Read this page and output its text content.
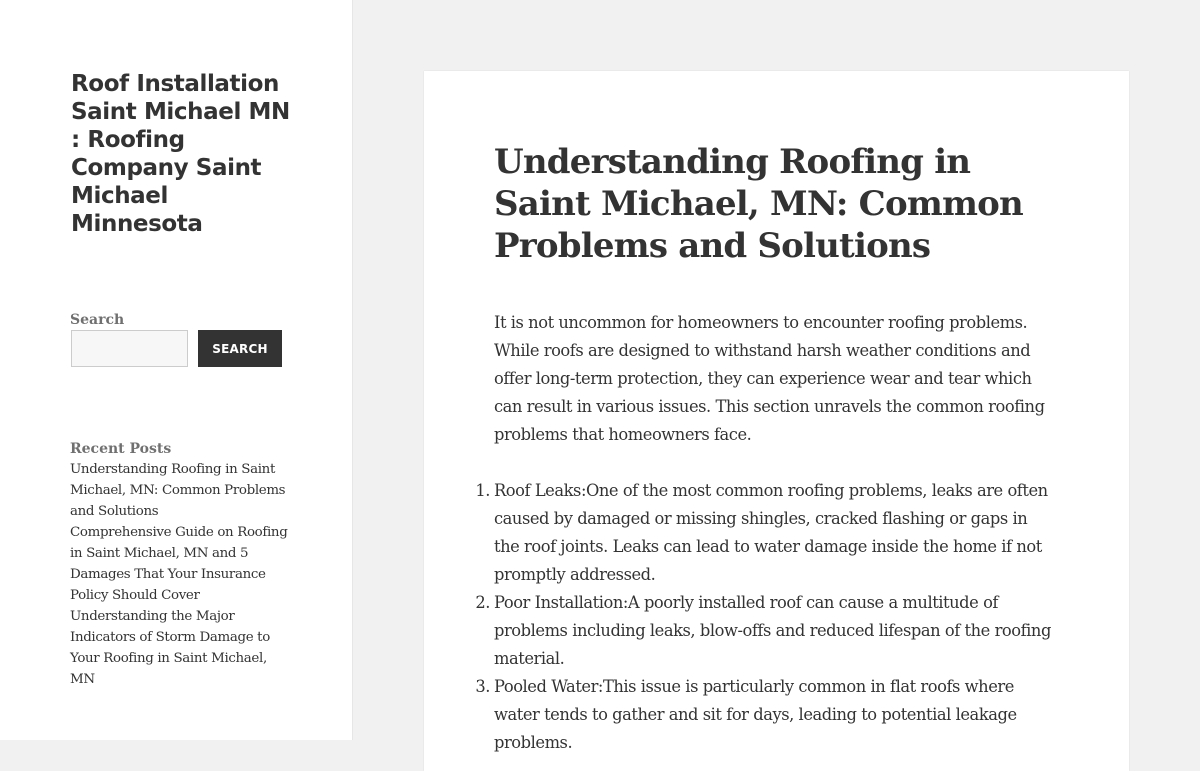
Roof Installation Saint Michael MN : Roofing Company Saint Michael Minnesota
Search
SEARCH
Recent Posts
Understanding Roofing in Saint Michael, MN: Common Problems and Solutions
Comprehensive Guide on Roofing in Saint Michael, MN and 5 Damages That Your Insurance Policy Should Cover
Understanding the Major Indicators of Storm Damage to Your Roofing in Saint Michael, MN
Understanding Roofing in Saint Michael, MN: Common Problems and Solutions

It is not uncommon for homeowners to encounter roofing problems. While roofs are designed to withstand harsh weather conditions and offer long-term protection, they can experience wear and tear which can result in various issues. This section unravels the common roofing problems that homeowners face.

1. Roof Leaks:One of the most common roofing problems, leaks are often caused by damaged or missing shingles, cracked flashing or gaps in the roof joints. Leaks can lead to water damage inside the home if not promptly addressed.
2. Poor Installation:A poorly installed roof can cause a multitude of problems including leaks, blow-offs and reduced lifespan of the roofing material.
3. Pooled Water:This issue is particularly common in flat roofs where water tends to gather and sit for days, leading to potential leakage problems.
